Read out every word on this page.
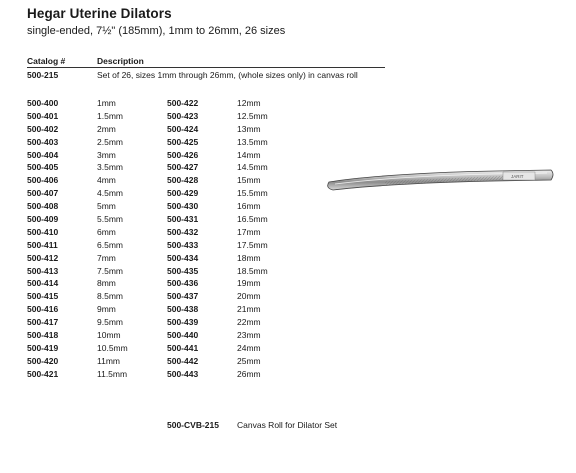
Hegar Uterine Dilators
single-ended, 7½" (185mm), 1mm to 26mm, 26 sizes
Catalog #	Description
500-215	Set of 26, sizes 1mm through 26mm, (whole sizes only) in canvas roll
500-400
500-401
500-402
500-403
500-404
500-405
500-406
500-407
500-408
500-409
500-410
500-411
500-412
500-413
500-414
500-415
500-416
500-417
500-418
500-419
500-420
500-421
1mm
1.5mm
2mm
2.5mm
3mm
3.5mm
4mm
4.5mm
5mm
5.5mm
6mm
6.5mm
7mm
7.5mm
8mm
8.5mm
9mm
9.5mm
10mm
10.5mm
11mm
11.5mm
500-422
500-423
500-424
500-425
500-426
500-427
500-428
500-429
500-430
500-431
500-432
500-433
500-434
500-435
500-436
500-437
500-438
500-439
500-440
500-441
500-442
500-443
12mm
12.5mm
13mm
13.5mm
14mm
14.5mm
15mm
15.5mm
16mm
16.5mm
17mm
17.5mm
18mm
18.5mm
19mm
20mm
21mm
22mm
23mm
24mm
25mm
26mm
500-CVB-215 Canvas Roll for Dilator Set
JARIT
